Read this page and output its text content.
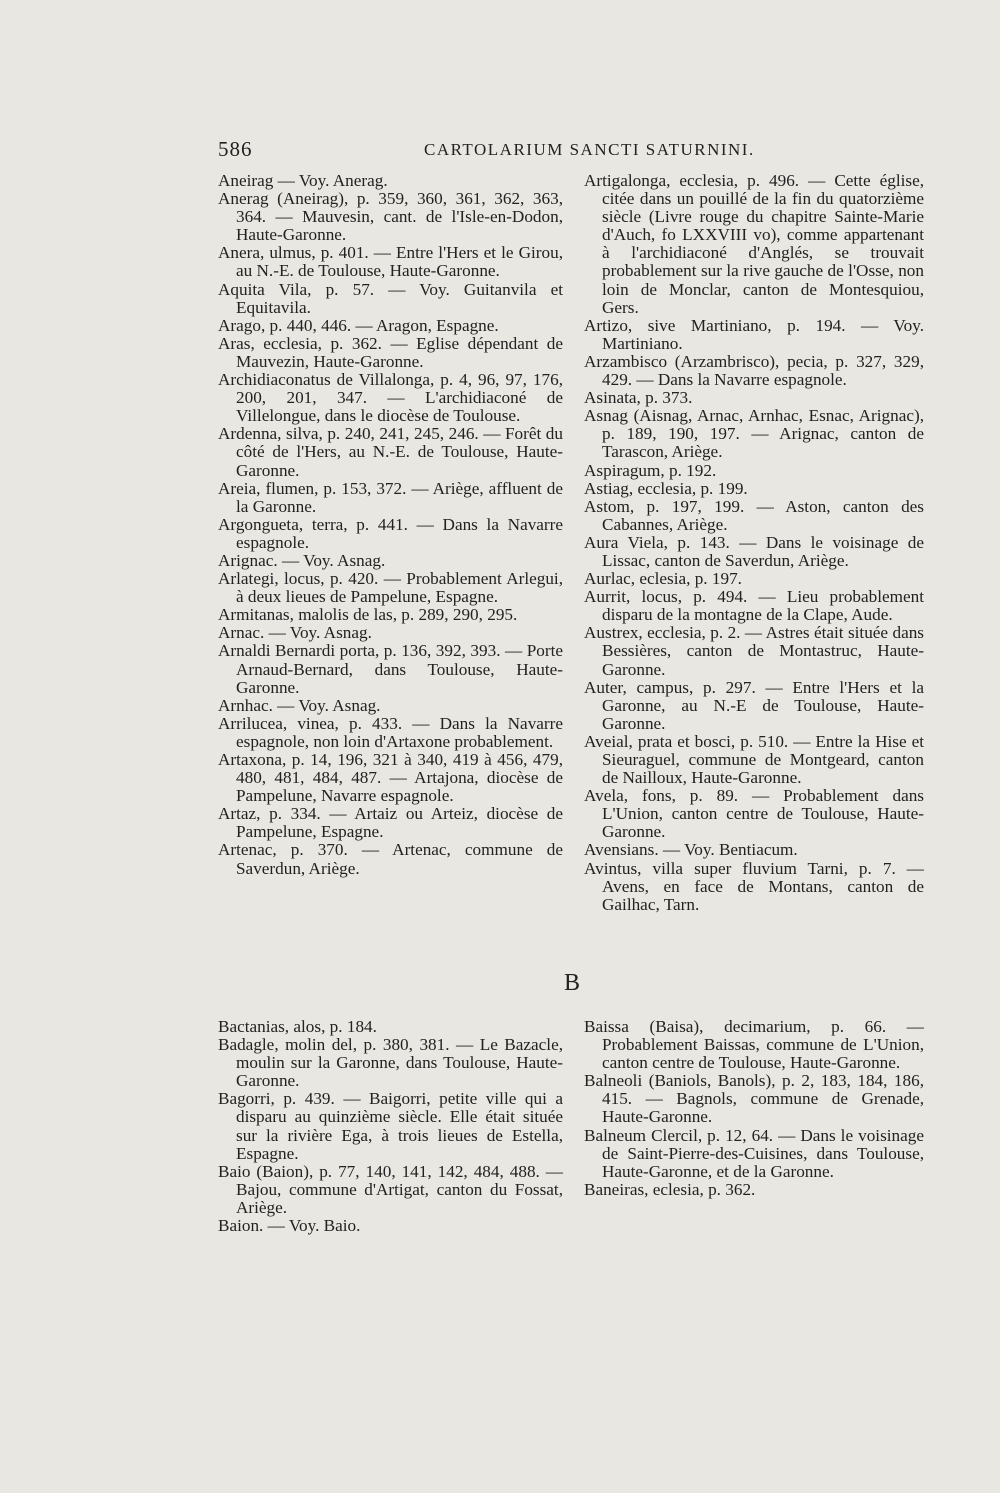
586	CARTOLARIUM SANCTI SATURNINI.

Aneirag — Voy. Anerag.

Anerag (Aneirag), p. 359, 360, 361, 362, 363, 364. — Mauvesin, cant. de l'Isle-en-Dodon, Haute-Garonne.

Anera, ulmus, p. 401. — Entre l'Hers et le Girou, au N.-E. de Toulouse, Haute-Garonne.

Aquita Vila, p. 57. — Voy. Guitanvila et Equitavila.

Arago, p. 440, 446. — Aragon, Espagne.

Aras, ecclesia, p. 362. — Eglise dépendant de Mauvezin, Haute-Garonne.

Archidiaconatus de Villalonga, p. 4, 96, 97, 176, 200, 201, 347. — L'archidiaconé de Villelongue, dans le diocèse de Toulouse.

Ardenna, silva, p. 240, 241, 245, 246. — Forêt du côté de l'Hers, au N.-E. de Toulouse, Haute-Garonne.

Areia, flumen, p. 153, 372. — Ariège, affluent de la Garonne.

Argongueta, terra, p. 441. — Dans la Navarre espagnole.

Arignac. — Voy. Asnag.

Arlategi, locus, p. 420. — Probablement Arlegui, à deux lieues de Pampelune, Espagne.

Armitanas, malolis de las, p. 289, 290, 295.

Arnac. — Voy. Asnag.

Arnaldi Bernardi porta, p. 136, 392, 393. — Porte Arnaud-Bernard, dans Toulouse, Haute-Garonne.

Arnhac. — Voy. Asnag.

Arrilucea, vinea, p. 433. — Dans la Navarre espagnole, non loin d'Artaxone probablement.

Artaxona, p. 14, 196, 321 à 340, 419 à 456, 479, 480, 481, 484, 487. — Artajona, diocèse de Pampelune, Navarre espagnole.

Artaz, p. 334. — Artaiz ou Arteiz, diocèse de Pampelune, Espagne.

Artenac, p. 370. — Artenac, commune de Saverdun, Ariège.

Artigalonga, ecclesia, p. 496. — Cette église, citée dans un pouillé de la fin du quatorzième siècle (Livre rouge du chapitre Sainte-Marie d'Auch, fo LXXVIII vo), comme appartenant à l'archidiaconé d'Anglés, se trouvait probablement sur la rive gauche de l'Osse, non loin de Monclar, canton de Montesquiou, Gers.

Artizo, sive Martiniano, p. 194. — Voy. Martiniano.

Arzambisco (Arzambrisco), pecia, p. 327, 329, 429. — Dans la Navarre espagnole.

Asinata, p. 373.

Asnag (Aisnag, Arnac, Arnhac, Esnac, Arignac), p. 189, 190, 197. — Arignac, canton de Tarascon, Ariège.

Aspiragum, p. 192.

Astiag, ecclesia, p. 199.

Astom, p. 197, 199. — Aston, canton des Cabannes, Ariège.

Aura Viela, p. 143. — Dans le voisinage de Lissac, canton de Saverdun, Ariège.

Aurlac, eclesia, p. 197.

Aurrit, locus, p. 494. — Lieu probablement disparu de la montagne de la Clape, Aude.

Austrex, ecclesia, p. 2. — Astres était située dans Bessières, canton de Montastruc, Haute-Garonne.

Auter, campus, p. 297. — Entre l'Hers et la Garonne, au N.-E de Toulouse, Haute-Garonne.

Aveial, prata et bosci, p. 510. — Entre la Hise et Sieuraguel, commune de Montgeard, canton de Nailloux, Haute-Garonne.

Avela, fons, p. 89. — Probablement dans L'Union, canton centre de Toulouse, Haute-Garonne.

Avensians. — Voy. Bentiacum.

Avintus, villa super fluvium Tarni, p. 7. — Avens, en face de Montans, canton de Gailhac, Tarn.

B

Bactanias, alos, p. 184.

Badagle, molin del, p. 380, 381. — Le Bazacle, moulin sur la Garonne, dans Toulouse, Haute-Garonne.

Bagorri, p. 439. — Baigorri, petite ville qui a disparu au quinzième siècle. Elle était située sur la rivière Ega, à trois lieues de Estella, Espagne.

Baio (Baion), p. 77, 140, 141, 142, 484, 488. — Bajou, commune d'Artigat, canton du Fossat, Ariège.

Baion. — Voy. Baio.

Baissa (Baisa), decimarium, p. 66. — Probablement Baissas, commune de L'Union, canton centre de Toulouse, Haute-Garonne.

Balneoli (Baniols, Banols), p. 2, 183, 184, 186, 415. — Bagnols, commune de Grenade, Haute-Garonne.

Balneum Clercil, p. 12, 64. — Dans le voisinage de Saint-Pierre-des-Cuisines, dans Toulouse, Haute-Garonne, et de la Garonne.

Baneiras, eclesia, p. 362.
